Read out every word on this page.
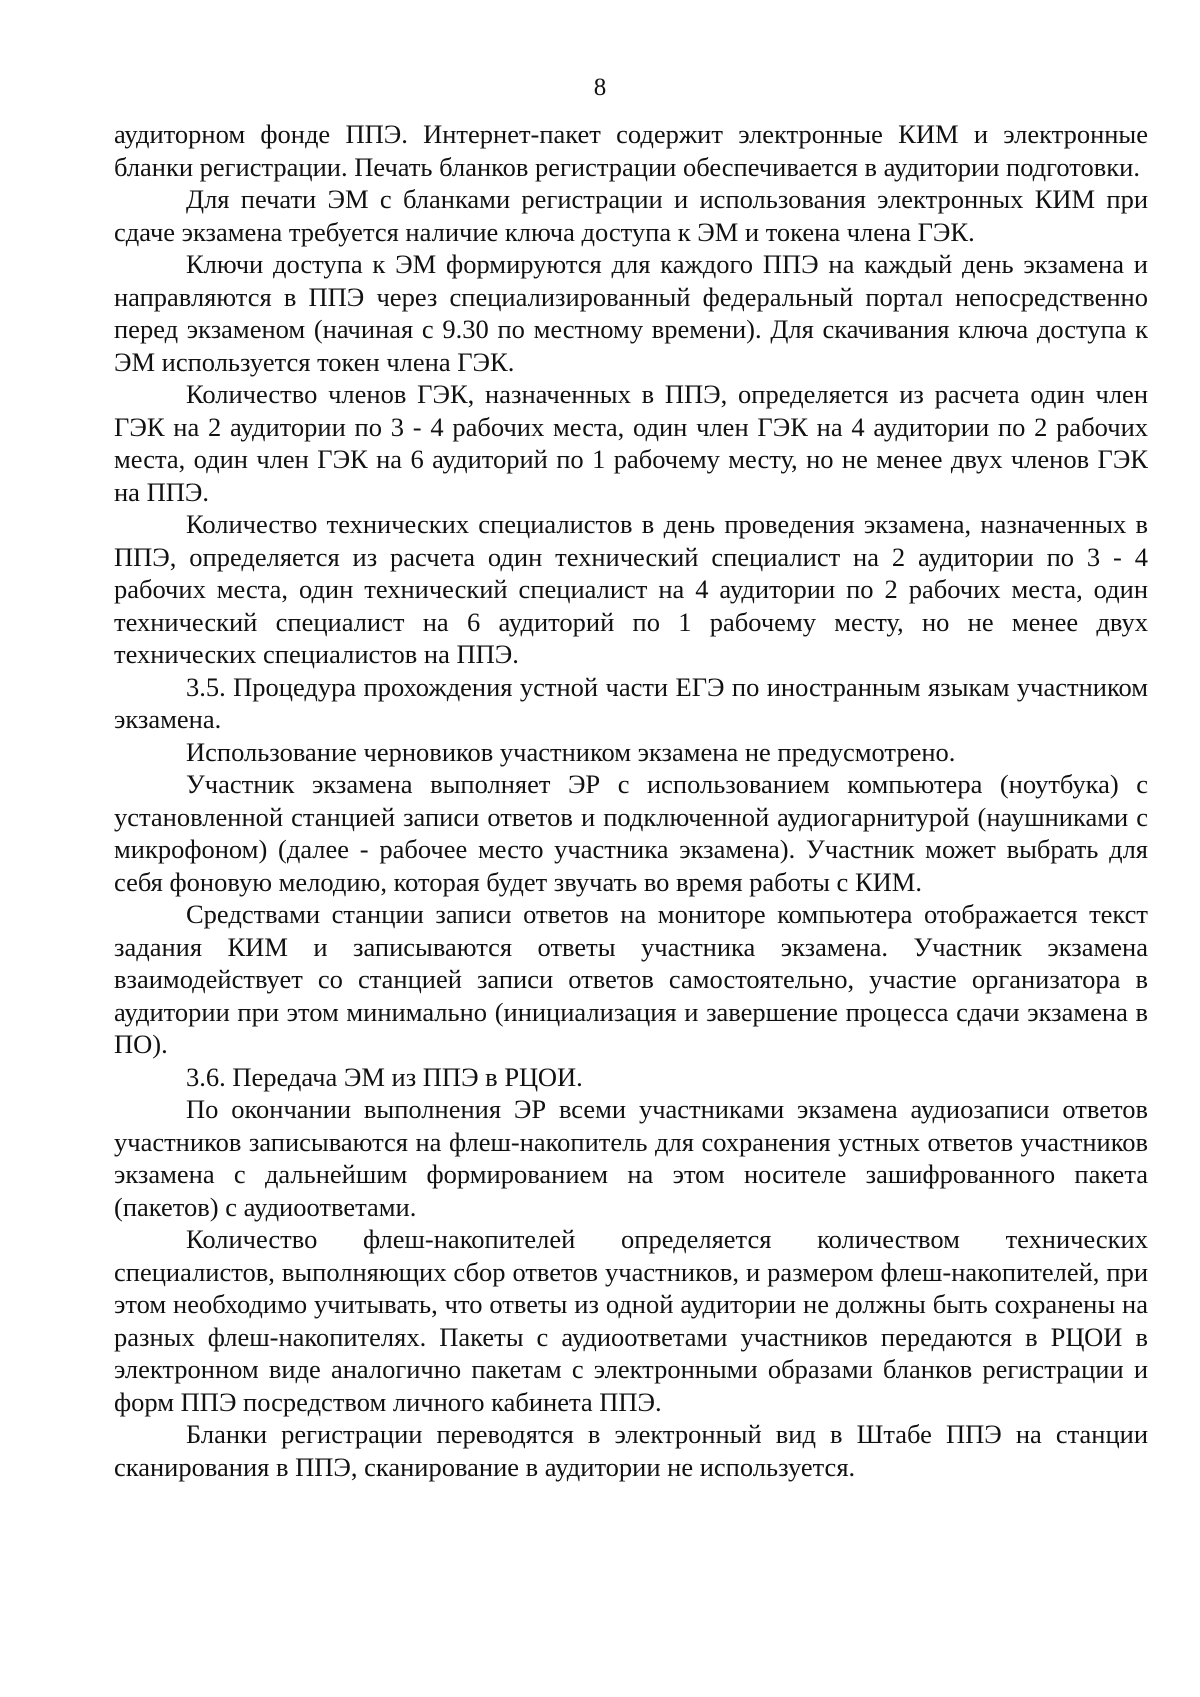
8

аудиторном фонде ППЭ. Интернет-пакет содержит электронные КИМ и электронные бланки регистрации. Печать бланков регистрации обеспечивается в аудитории подготовки.

Для печати ЭМ с бланками регистрации и использования электронных КИМ при сдаче экзамена требуется наличие ключа доступа к ЭМ и токена члена ГЭК.

Ключи доступа к ЭМ формируются для каждого ППЭ на каждый день экзамена и направляются в ППЭ через специализированный федеральный портал непосредственно перед экзаменом (начиная с 9.30 по местному времени). Для скачивания ключа доступа к ЭМ используется токен члена ГЭК.

Количество членов ГЭК, назначенных в ППЭ, определяется из расчета один член ГЭК на 2 аудитории по 3 - 4 рабочих места, один член ГЭК на 4 аудитории по 2 рабочих места, один член ГЭК на 6 аудиторий по 1 рабочему месту, но не менее двух членов ГЭК на ППЭ.

Количество технических специалистов в день проведения экзамена, назначенных в ППЭ, определяется из расчета один технический специалист на 2 аудитории по 3 - 4 рабочих места, один технический специалист на 4 аудитории по 2 рабочих места, один технический специалист на 6 аудиторий по 1 рабочему месту, но не менее двух технических специалистов на ППЭ.

3.5. Процедура прохождения устной части ЕГЭ по иностранным языкам участником экзамена.

Использование черновиков участником экзамена не предусмотрено.

Участник экзамена выполняет ЭР с использованием компьютера (ноутбука) с установленной станцией записи ответов и подключенной аудиогарнитурой (наушниками с микрофоном) (далее - рабочее место участника экзамена). Участник может выбрать для себя фоновую мелодию, которая будет звучать во время работы с КИМ.

Средствами станции записи ответов на мониторе компьютера отображается текст задания КИМ и записываются ответы участника экзамена. Участник экзамена взаимодействует со станцией записи ответов самостоятельно, участие организатора в аудитории при этом минимально (инициализация и завершение процесса сдачи экзамена в ПО).

3.6. Передача ЭМ из ППЭ в РЦОИ.

По окончании выполнения ЭР всеми участниками экзамена аудиозаписи ответов участников записываются на флеш-накопитель для сохранения устных ответов участников экзамена с дальнейшим формированием на этом носителе зашифрованного пакета (пакетов) с аудиоответами.

Количество флеш-накопителей определяется количеством технических специалистов, выполняющих сбор ответов участников, и размером флеш-накопителей, при этом необходимо учитывать, что ответы из одной аудитории не должны быть сохранены на разных флеш-накопителях. Пакеты с аудиоответами участников передаются в РЦОИ в электронном виде аналогично пакетам с электронными образами бланков регистрации и форм ППЭ посредством личного кабинета ППЭ.

Бланки регистрации переводятся в электронный вид в Штабе ППЭ на станции сканирования в ППЭ, сканирование в аудитории не используется.
